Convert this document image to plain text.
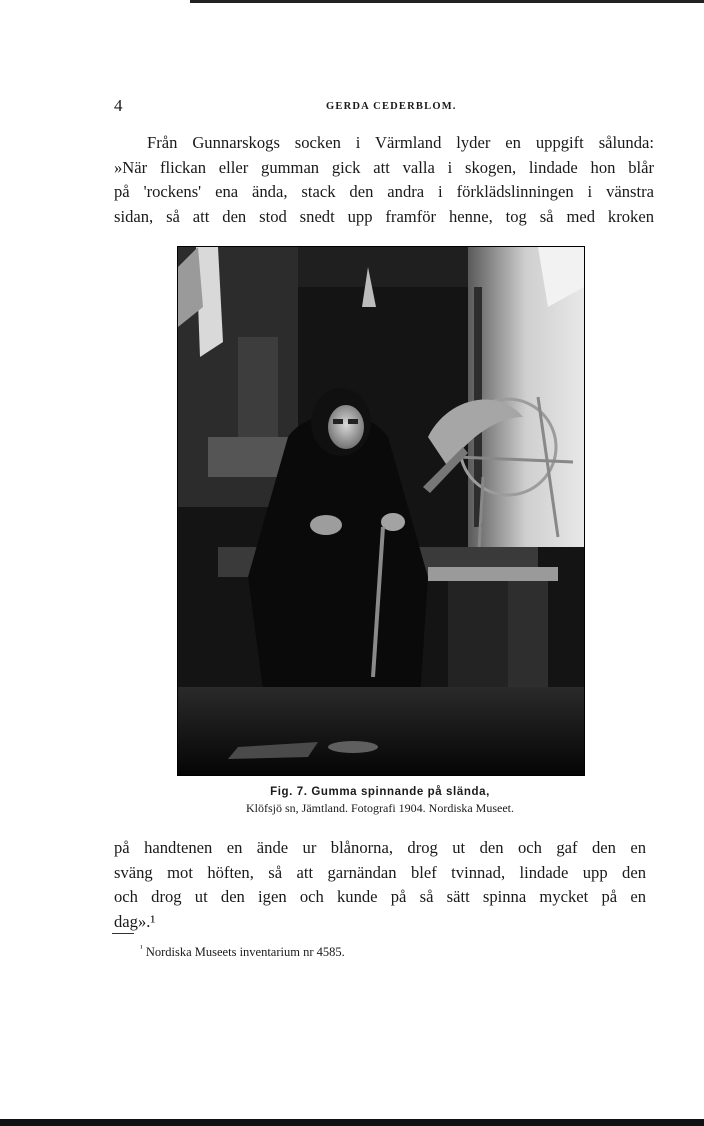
4	GERDA CEDERBLOM.
Från Gunnarskogs socken i Värmland lyder en uppgift sålunda:
»När flickan eller gumman gick att valla i skogen, lindade hon blår
på 'rockens' ena ända, stack den andra i förklädslinningen i vänstra
sidan, så att den stod snedt upp framför henne, tog så med kroken
Fig. 7. Gumma spinnande på slända,
Klöfsjö sn, Jämtland. Fotografi 1904. Nordiska Museet.
på handtenen en ände ur blånorna, drog ut den och gaf den en
sväng mot höften, så att garnändan blef tvinnad, lindade upp den
och drog ut den igen och kunde på så sätt spinna mycket på en
dag».¹
$^{^1}$ Nordiska Museets inventarium nr 4585.
